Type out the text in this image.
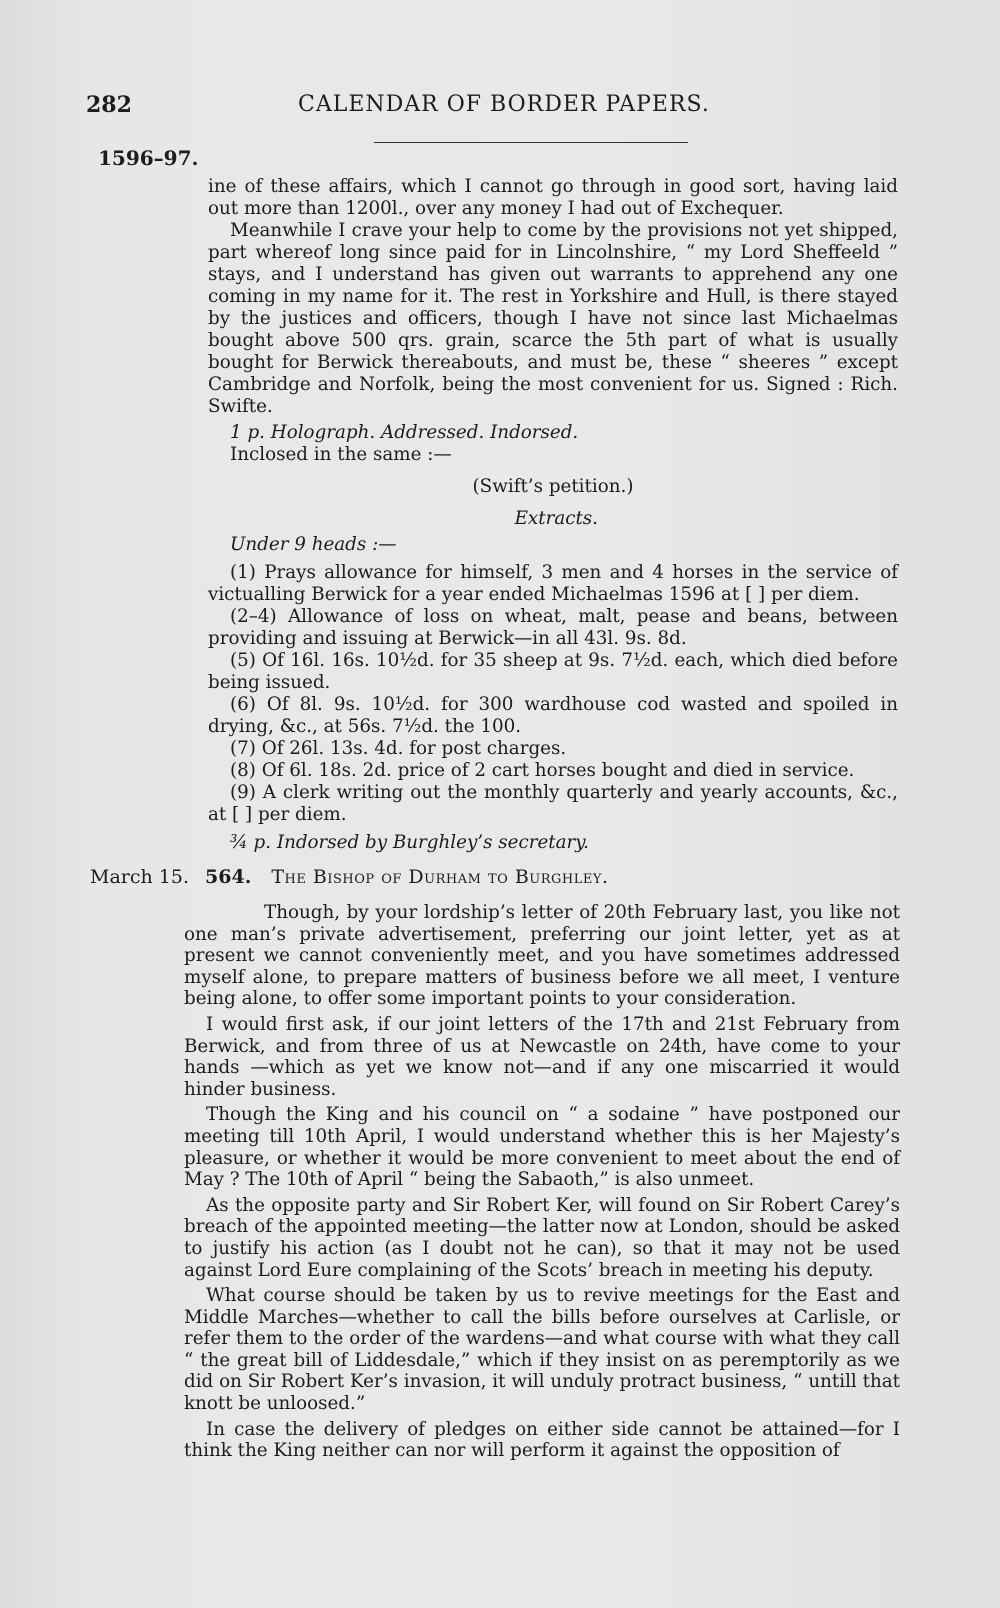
282	CALENDAR OF BORDER PAPERS.
1596–97.

ine of these affairs, which I cannot go through in good sort, having laid out more than 1200l., over any money I had out of Exchequer.

Meanwhile I crave your help to come by the provisions not yet shipped, part whereof long since paid for in Lincolnshire, “ my Lord Sheffeeld ” stays, and I understand has given out warrants to apprehend any one coming in my name for it. The rest in Yorkshire and Hull, is there stayed by the justices and officers, though I have not since last Michaelmas bought above 500 qrs. grain, scarce the 5th part of what is usually bought for Berwick thereabouts, and must be, these “ sheeres ” except Cambridge and Norfolk, being the most convenient for us. Signed : Rich. Swifte.

1 p. Holograph. Addressed. Indorsed.

Inclosed in the same :—

(Swift’s petition.)

Extracts.

Under 9 heads :—

(1) Prays allowance for himself, 3 men and 4 horses in the service of victualling Berwick for a year ended Michaelmas 1596 at [ ] per diem.

(2–4) Allowance of loss on wheat, malt, pease and beans, between providing and issuing at Berwick—in all 43l. 9s. 8d.

(5) Of 16l. 16s. 10½d. for 35 sheep at 9s. 7½d. each, which died before being issued.

(6) Of 8l. 9s. 10½d. for 300 wardhouse cod wasted and spoiled in drying, &c., at 56s. 7½d. the 100.

(7) Of 26l. 13s. 4d. for post charges.

(8) Of 6l. 18s. 2d. price of 2 cart horses bought and died in service.

(9) A clerk writing out the monthly quarterly and yearly accounts, &c., at [ ] per diem.

¾ p. Indorsed by Burghley’s secretary.

March 15. 564. The Bishop of Durham to Burghley.

Though, by your lordship’s letter of 20th February last, you like not one man’s private advertisement, preferring our joint letter, yet as at present we cannot conveniently meet, and you have sometimes addressed myself alone, to prepare matters of business before we all meet, I venture being alone, to offer some important points to your consideration.

I would first ask, if our joint letters of the 17th and 21st February from Berwick, and from three of us at Newcastle on 24th, have come to your hands —which as yet we know not—and if any one miscarried it would hinder business.

Though the King and his council on “ a sodaine ” have postponed our meeting till 10th April, I would understand whether this is her Majesty’s pleasure, or whether it would be more convenient to meet about the end of May ? The 10th of April “ being the Sabaoth,” is also unmeet.

As the opposite party and Sir Robert Ker, will found on Sir Robert Carey’s breach of the appointed meeting—the latter now at London, should be asked to justify his action (as I doubt not he can), so that it may not be used against Lord Eure complaining of the Scots’ breach in meeting his deputy.

What course should be taken by us to revive meetings for the East and Middle Marches—whether to call the bills before ourselves at Carlisle, or refer them to the order of the wardens—and what course with what they call “ the great bill of Liddesdale,” which if they insist on as peremptorily as we did on Sir Robert Ker’s invasion, it will unduly protract business, “ untill that knott be unloosed.”

In case the delivery of pledges on either side cannot be attained—for I think the King neither can nor will perform it against the opposition of
